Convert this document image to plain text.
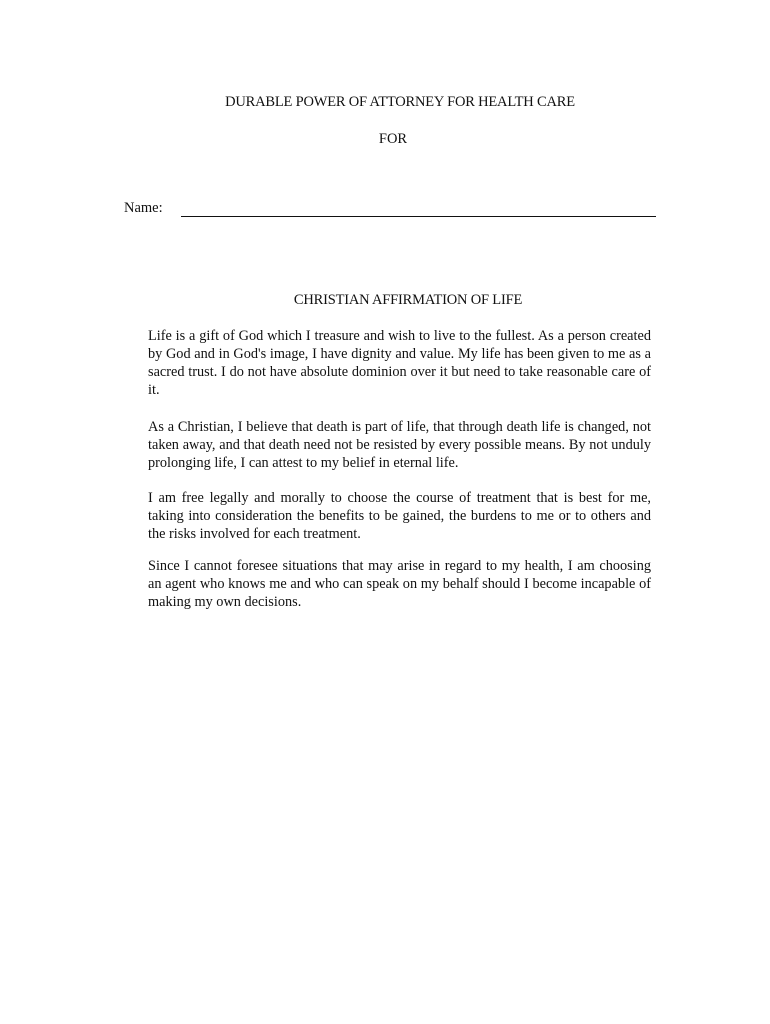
DURABLE POWER OF ATTORNEY FOR HEALTH CARE
FOR
Name:
CHRISTIAN AFFIRMATION OF LIFE

Life is a gift of God which I treasure and wish to live to the fullest. As a person created by God and in God's image, I have dignity and value. My life has been given to me as a sacred trust. I do not have absolute dominion over it but need to take reasonable care of it.

As a Christian, I believe that death is part of life, that through death life is changed, not taken away, and that death need not be resisted by every possible means. By not unduly prolonging life, I can attest to my belief in eternal life.

I am free legally and morally to choose the course of treatment that is best for me, taking into consideration the benefits to be gained, the burdens to me or to others and the risks involved for each treatment.

Since I cannot foresee situations that may arise in regard to my health, I am choosing an agent who knows me and who can speak on my behalf should I become incapable of making my own decisions.
